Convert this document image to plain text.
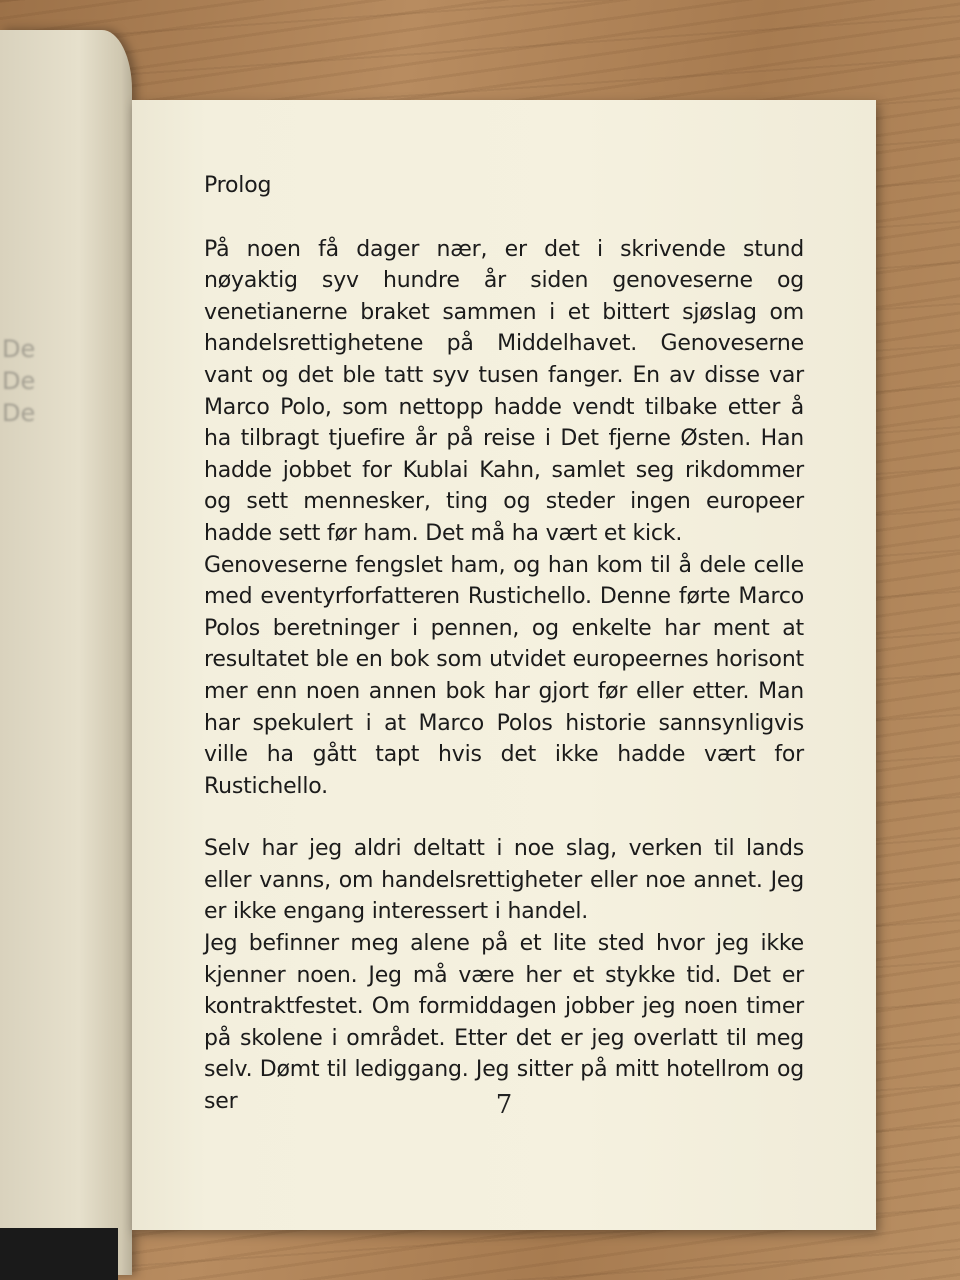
De
De
De
Prolog

På noen få dager nær, er det i skrivende stund nøyaktig syv hundre år siden genoveserne og venetianerne braket sammen i et bittert sjøslag om handelsrettighetene på Middelhavet. Genoveserne vant og det ble tatt syv tusen fanger. En av disse var Marco Polo, som nettopp hadde vendt tilbake etter å ha tilbragt tjuefire år på reise i Det fjerne Østen. Han hadde jobbet for Kublai Kahn, samlet seg rikdommer og sett mennesker, ting og steder ingen europeer hadde sett før ham. Det må ha vært et kick.

Genoveserne fengslet ham, og han kom til å dele celle med eventyrforfatteren Rustichello. Denne førte Marco Polos beretninger i pennen, og enkelte har ment at resultatet ble en bok som utvidet europeernes horisont mer enn noen annen bok har gjort før eller etter. Man har spekulert i at Marco Polos historie sannsynligvis ville ha gått tapt hvis det ikke hadde vært for Rustichello.

Selv har jeg aldri deltatt i noe slag, verken til lands eller vanns, om handelsrettigheter eller noe annet. Jeg er ikke engang interessert i handel.

Jeg befinner meg alene på et lite sted hvor jeg ikke kjenner noen. Jeg må være her et stykke tid. Det er kontraktfestet. Om formiddagen jobber jeg noen timer på skolene i området. Etter det er jeg overlatt til meg selv. Dømt til lediggang. Jeg sitter på mitt hotellrom og ser	7
